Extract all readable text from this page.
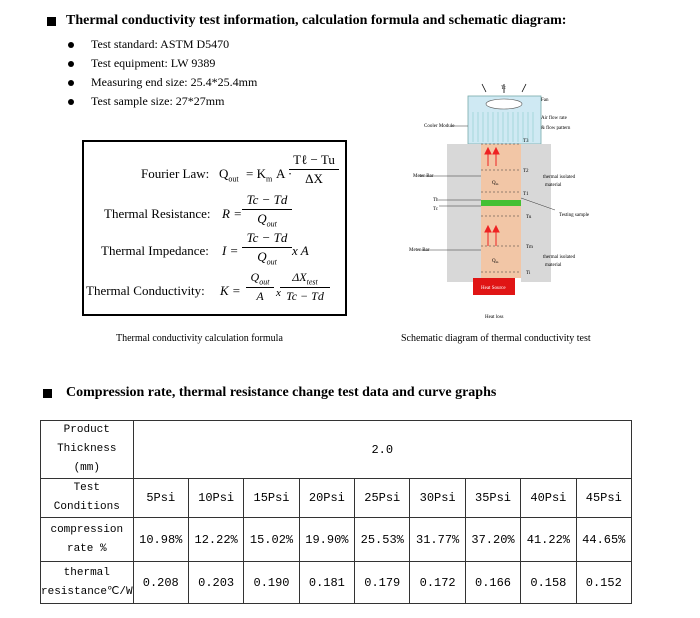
Thermal conductivity test information, calculation formula and schematic diagram:
Test standard: ASTM D5470
Test equipment: LW 9389
Measuring end size: 25.4*25.4mm
Test sample size: 27*27mm
Fourier Law: $Q_{out} = K_m$ A ·
Tℓ − Tu
ΔX
Thermal Resistance: R =
Tc − Td
$Q_{out}$
Thermal Impedance: I =
Tc − Td
$Q_{out}$
x A
Thermal Conductivity: K =
$Q_{out}$
A	x
$\Delta X_{test}$
Tc − Td
Thermal conductivity calculation formula
Tc
Fan
Air flow rate
& flow pattern
Cooler Module
T3
T2
T1
thermal isolated
material
Meter Bar
$Q_{in}$
Th
Tc
Testing sample
Tu
Tm
thermal isolated
material
Meter Bar
$Q_{in}$
Ti
Heat Source
Heat loss
Schematic diagram of thermal conductivity test
Compression rate, thermal resistance change test data and curve graphs
Product
Thickness
(mm)	2.0								
Test Conditions	5Psi	10Psi	15Psi	20Psi	25Psi	30Psi	35Psi	40Psi	45Psi

compression
rate %	10.98%	12.22%	15.02%	19.90%	25.53%	31.77%	37.20%	41.22%	44.65%

thermal
resistance℃/W	0.208	0.203	0.190	0.181	0.179	0.172	0.166	0.158	0.152
